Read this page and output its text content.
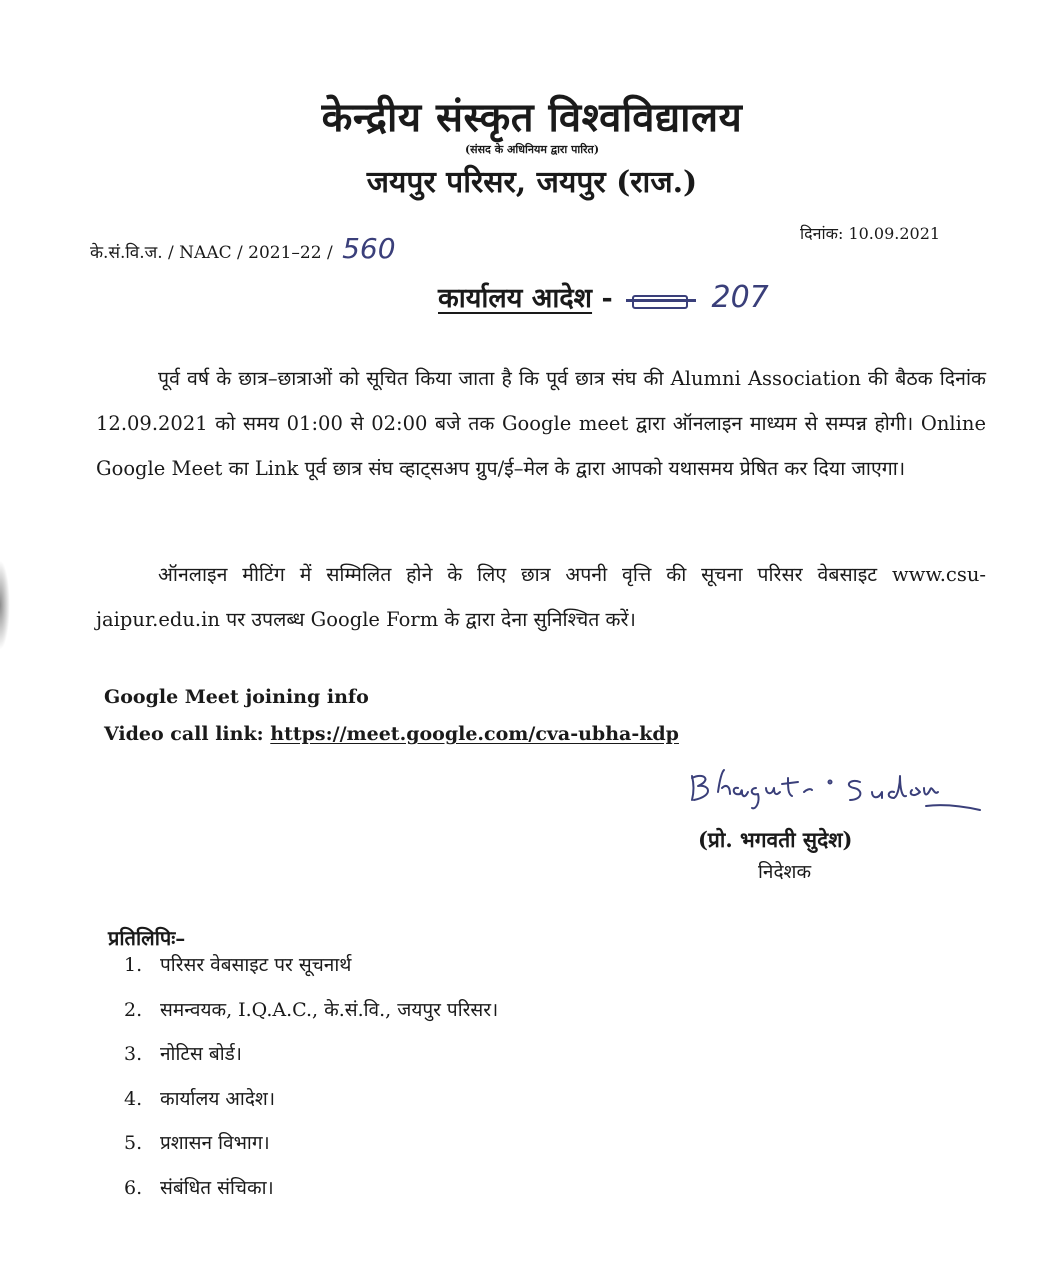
केन्द्रीय संस्कृत विश्वविद्यालय
(संसद के अधिनियम द्वारा पारित)
जयपुर परिसर, जयपुर (राज.)
के.सं.वि.ज. / NAAC / 2021–22 / 560	दिनांक: 10.09.2021
कार्यालय आदेश -	207

पूर्व वर्ष के छात्र–छात्राओं को सूचित किया जाता है कि पूर्व छात्र संघ की Alumni Association की बैठक दिनांक 12.09.2021 को समय 01:00 से 02:00 बजे तक Google meet द्वारा ऑनलाइन माध्यम से सम्पन्न होगी। Online Google Meet का Link पूर्व छात्र संघ व्हाट्सअप ग्रुप/ई–मेल के द्वारा आपको यथासमय प्रेषित कर दिया जाएगा।

ऑनलाइन मीटिंग में सम्मिलित होने के लिए छात्र अपनी वृत्ति की सूचना परिसर वेबसाइट www.csu-jaipur.edu.in पर उपलब्ध Google Form के द्वारा देना सुनिश्चित करें।

Google Meet joining info
Video call link: https://meet.google.com/cva-ubha-kdp
(प्रो. भगवती सुदेश)
निदेशक
प्रतिलिपिः–
1. परिसर वेबसाइट पर सूचनार्थ
2. समन्वयक, I.Q.A.C., के.सं.वि., जयपुर परिसर।
3. नोटिस बोर्ड।
4. कार्यालय आदेश।
5. प्रशासन विभाग।
6. संबंधित संचिका।
